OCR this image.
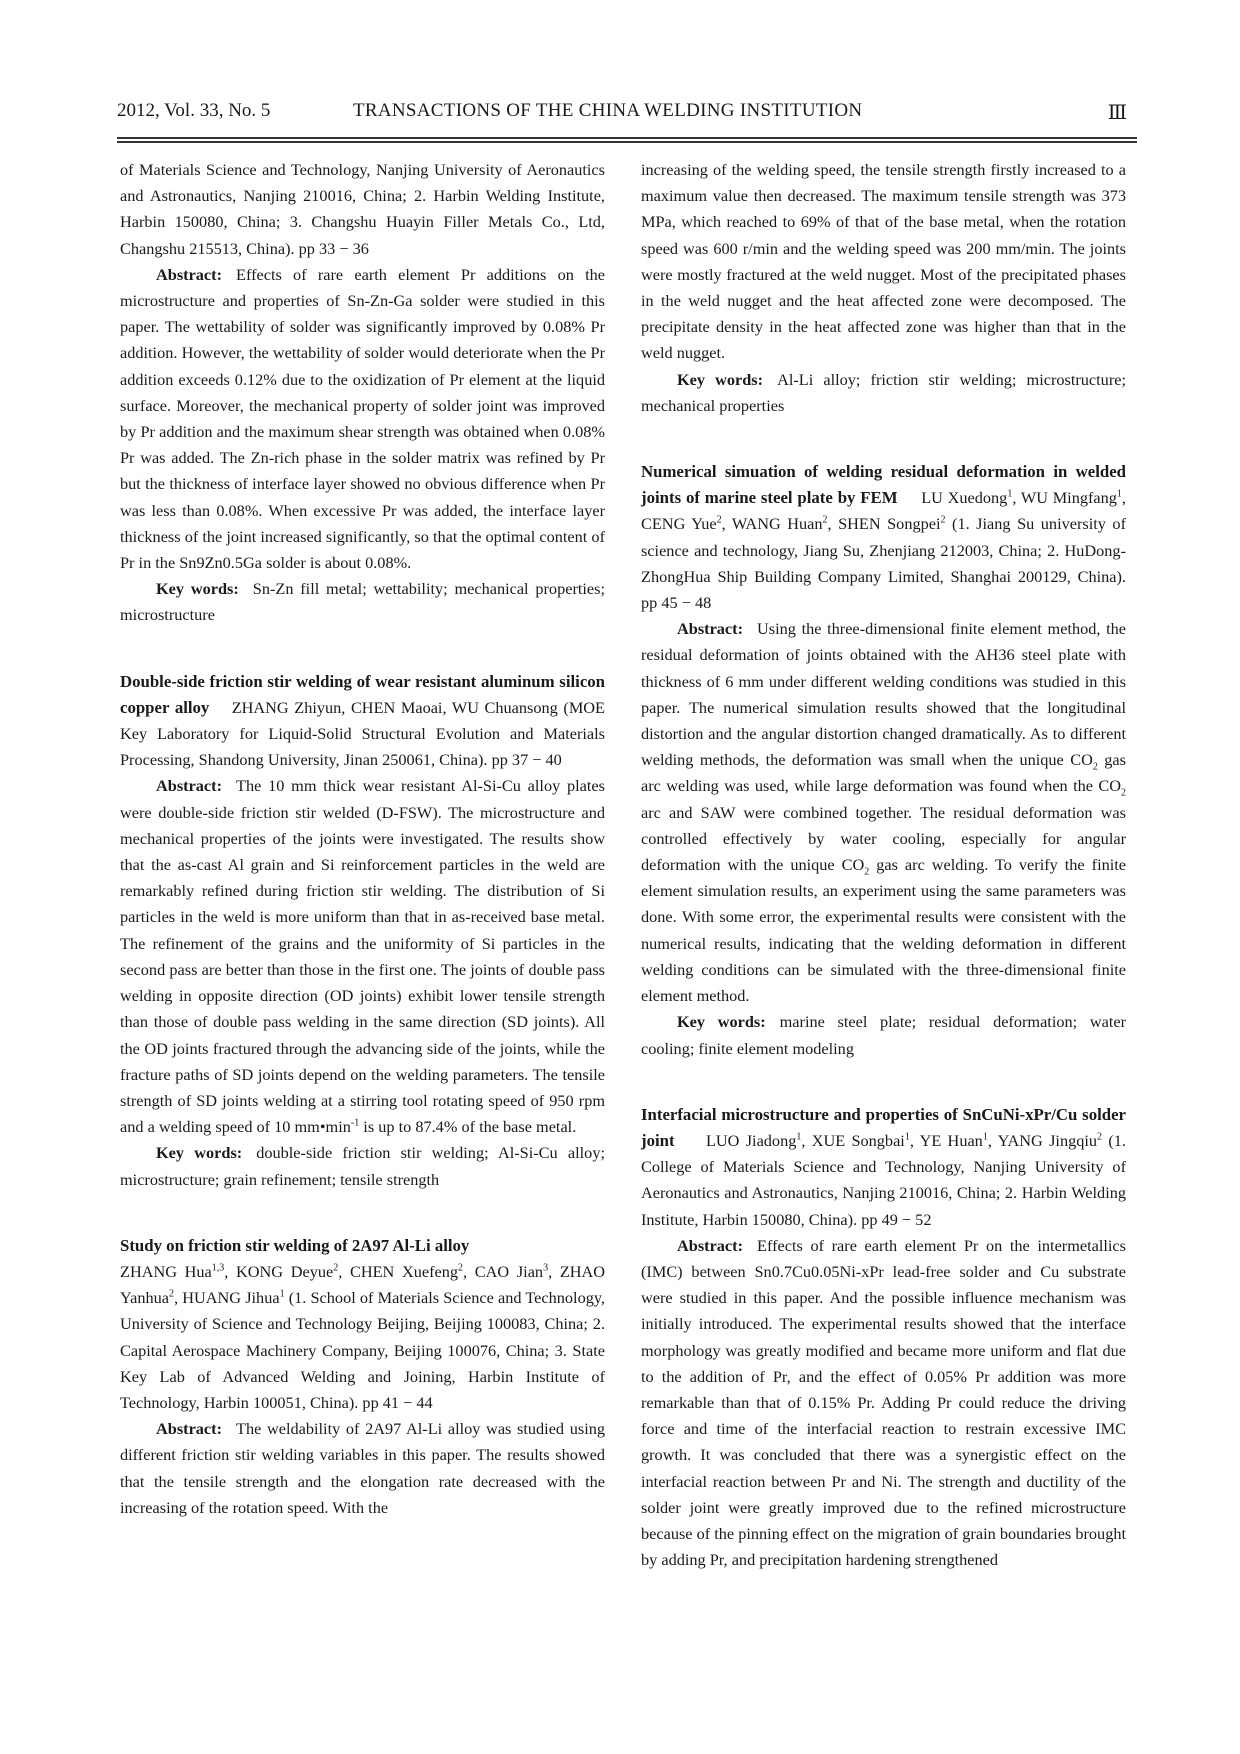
2012, Vol. 33, No. 5	TRANSACTIONS OF THE CHINA WELDING INSTITUTION	Ⅲ

of Materials Science and Technology, Nanjing University of Aeronautics and Astronautics, Nanjing 210016, China; 2. Harbin Welding Institute, Harbin 150080, China; 3. Changshu Huayin Filler Metals Co., Ltd, Changshu 215513, China). pp 33 − 36

Abstract: Effects of rare earth element Pr additions on the microstructure and properties of Sn-Zn-Ga solder were studied in this paper. The wettability of solder was significantly improved by 0.08% Pr addition. However, the wettability of solder would deteriorate when the Pr addition exceeds 0.12% due to the oxidization of Pr element at the liquid surface. Moreover, the mechanical property of solder joint was improved by Pr addition and the maximum shear strength was obtained when 0.08% Pr was added. The Zn-rich phase in the solder matrix was refined by Pr but the thickness of interface layer showed no obvious difference when Pr was less than 0.08%. When excessive Pr was added, the interface layer thickness of the joint increased significantly, so that the optimal content of Pr in the Sn9Zn0.5Ga solder is about 0.08%.

Key words: Sn-Zn fill metal; wettability; mechanical properties; microstructure

Double-side friction stir welding of wear resistant aluminum silicon copper alloy ZHANG Zhiyun, CHEN Maoai, WU Chuansong (MOE Key Laboratory for Liquid-Solid Structural Evolution and Materials Processing, Shandong University, Jinan 250061, China). pp 37 − 40

Abstract: The 10 mm thick wear resistant Al-Si-Cu alloy plates were double-side friction stir welded (D-FSW). The microstructure and mechanical properties of the joints were investigated. The results show that the as-cast Al grain and Si reinforcement particles in the weld are remarkably refined during friction stir welding. The distribution of Si particles in the weld is more uniform than that in as-received base metal. The refinement of the grains and the uniformity of Si particles in the second pass are better than those in the first one. The joints of double pass welding in opposite direction (OD joints) exhibit lower tensile strength than those of double pass welding in the same direction (SD joints). All the OD joints fractured through the advancing side of the joints, while the fracture paths of SD joints depend on the welding parameters. The tensile strength of SD joints welding at a stirring tool rotating speed of 950 rpm and a welding speed of 10 $mm•\min^{-1}$ is up to 87.4% of the base metal.

Key words: double-side friction stir welding; Al-Si-Cu alloy; microstructure; grain refinement; tensile strength

Study on friction stir welding of 2A97 Al-Li alloy
ZHANG Hua$^{1,3}$, KONG Deyue$^2$, CHEN Xuefeng$^2$, CAO Jian$^3$, ZHAO Yanhua$^2$, HUANG Jihua$^1$ (1. School of Materials Science and Technology, University of Science and Technology Beijing, Beijing 100083, China; 2. Capital Aerospace Machinery Company, Beijing 100076, China; 3. State Key Lab of Advanced Welding and Joining, Harbin Institute of Technology, Harbin 100051, China). pp 41 − 44

Abstract: The weldability of 2A97 Al-Li alloy was studied using different friction stir welding variables in this paper. The results showed that the tensile strength and the elongation rate decreased with the increasing of the rotation speed. With the

increasing of the welding speed, the tensile strength firstly increased to a maximum value then decreased. The maximum tensile strength was 373 MPa, which reached to 69% of that of the base metal, when the rotation speed was 600 r/min and the welding speed was 200 mm/min. The joints were mostly fractured at the weld nugget. Most of the precipitated phases in the weld nugget and the heat affected zone were decomposed. The precipitate density in the heat affected zone was higher than that in the weld nugget.

Key words: Al-Li alloy; friction stir welding; microstructure; mechanical properties

Numerical simuation of welding residual deformation in welded joints of marine steel plate by FEM LU Xuedong$^1$, WU Mingfang$^1$, CENG Yue$^2$, WANG Huan$^2$, SHEN Songpei$^2$ (1. Jiang Su university of science and technology, Jiang Su, Zhenjiang 212003, China; 2. HuDong-ZhongHua Ship Building Company Limited, Shanghai 200129, China). pp 45 − 48

Abstract: Using the three-dimensional finite element method, the residual deformation of joints obtained with the AH36 steel plate with thickness of 6 mm under different welding conditions was studied in this paper. The numerical simulation results showed that the longitudinal distortion and the angular distortion changed dramatically. As to different welding methods, the deformation was small when the unique $CO_2$ gas arc welding was used, while large deformation was found when the $CO_2$ arc and SAW were combined together. The residual deformation was controlled effectively by water cooling, especially for angular deformation with the unique $CO_2$ gas arc welding. To verify the finite element simulation results, an experiment using the same parameters was done. With some error, the experimental results were consistent with the numerical results, indicating that the welding deformation in different welding conditions can be simulated with the three-dimensional finite element method.

Key words: marine steel plate; residual deformation; water cooling; finite element modeling

Interfacial microstructure and properties of SnCuNi-xPr/Cu solder joint LUO Jiadong$^1$, XUE Songbai$^1$, YE Huan$^1$, YANG Jingqiu$^2$ (1. College of Materials Science and Technology, Nanjing University of Aeronautics and Astronautics, Nanjing 210016, China; 2. Harbin Welding Institute, Harbin 150080, China). pp 49 − 52

Abstract: Effects of rare earth element Pr on the intermetallics (IMC) between Sn0.7Cu0.05Ni-xPr lead-free solder and Cu substrate were studied in this paper. And the possible influence mechanism was initially introduced. The experimental results showed that the interface morphology was greatly modified and became more uniform and flat due to the addition of Pr, and the effect of 0.05% Pr addition was more remarkable than that of 0.15% Pr. Adding Pr could reduce the driving force and time of the interfacial reaction to restrain excessive IMC growth. It was concluded that there was a synergistic effect on the interfacial reaction between Pr and Ni. The strength and ductility of the solder joint were greatly improved due to the refined microstructure because of the pinning effect on the migration of grain boundaries brought by adding Pr, and precipitation hardening strengthened
